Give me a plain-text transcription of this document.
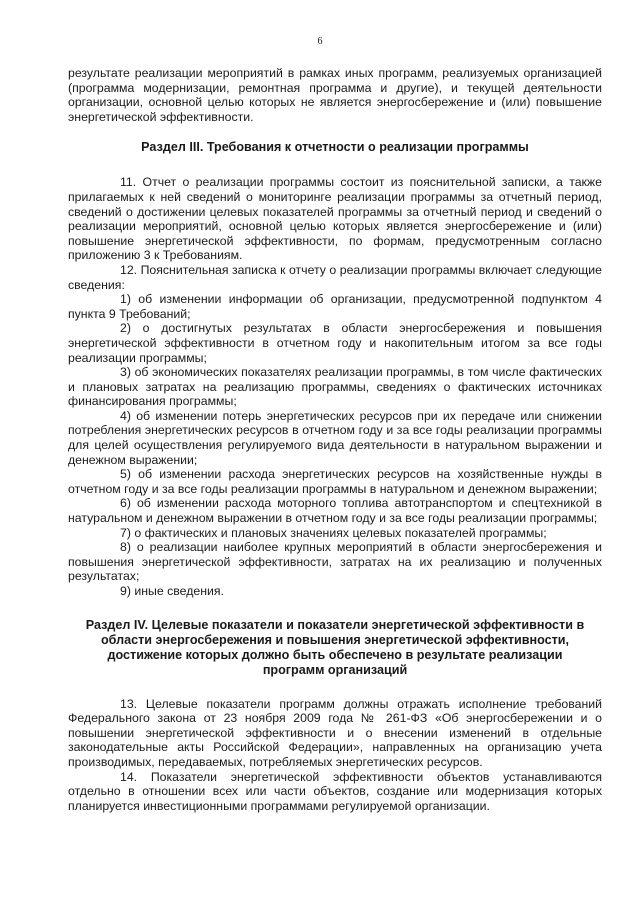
6

результате реализации мероприятий в рамках иных программ, реализуемых организацией (программа модернизации, ремонтная программа и другие), и текущей деятельности организации, основной целью которых не является энергосбережение и (или) повышение энергетической эффективности.

Раздел III. Требования к отчетности о реализации программы

11. Отчет о реализации программы состоит из пояснительной записки, а также прилагаемых к ней сведений о мониторинге реализации программы за отчетный период, сведений о достижении целевых показателей программы за отчетный период и сведений о реализации мероприятий, основной целью которых является энергосбережение и (или) повышение энергетической эффективности, по формам, предусмотренным согласно приложению 3 к Требованиям.

12. Пояснительная записка к отчету о реализации программы включает следующие сведения:

1) об изменении информации об организации, предусмотренной подпунктом 4 пункта 9 Требований;

2) о достигнутых результатах в области энергосбережения и повышения энергетической эффективности в отчетном году и накопительным итогом за все годы реализации программы;

3) об экономических показателях реализации программы, в том числе фактических и плановых затратах на реализацию программы, сведениях о фактических источниках финансирования программы;

4) об изменении потерь энергетических ресурсов при их передаче или снижении потребления энергетических ресурсов в отчетном году и за все годы реализации программы для целей осуществления регулируемого вида деятельности в натуральном выражении и денежном выражении;

5) об изменении расхода энергетических ресурсов на хозяйственные нужды в отчетном году и за все годы реализации программы в натуральном и денежном выражении;

6) об изменении расхода моторного топлива автотранспортом и спецтехникой в натуральном и денежном выражении в отчетном году и за все годы реализации программы;

7) о фактических и плановых значениях целевых показателей программы;

8) о реализации наиболее крупных мероприятий в области энергосбережения и повышения энергетической эффективности, затратах на их реализацию и полученных результатах;

9) иные сведения.

Раздел IV. Целевые показатели и показатели энергетической эффективности в области энергосбережения и повышения энергетической эффективности, достижение которых должно быть обеспечено в результате реализации программ организаций

13. Целевые показатели программ должны отражать исполнение требований Федерального закона от 23 ноября 2009 года № 261-ФЗ «Об энергосбережении и о повышении энергетической эффективности и о внесении изменений в отдельные законодательные акты Российской Федерации», направленных на организацию учета производимых, передаваемых, потребляемых энергетических ресурсов.

14. Показатели энергетической эффективности объектов устанавливаются отдельно в отношении всех или части объектов, создание или модернизация которых планируется инвестиционными программами регулируемой организации.
